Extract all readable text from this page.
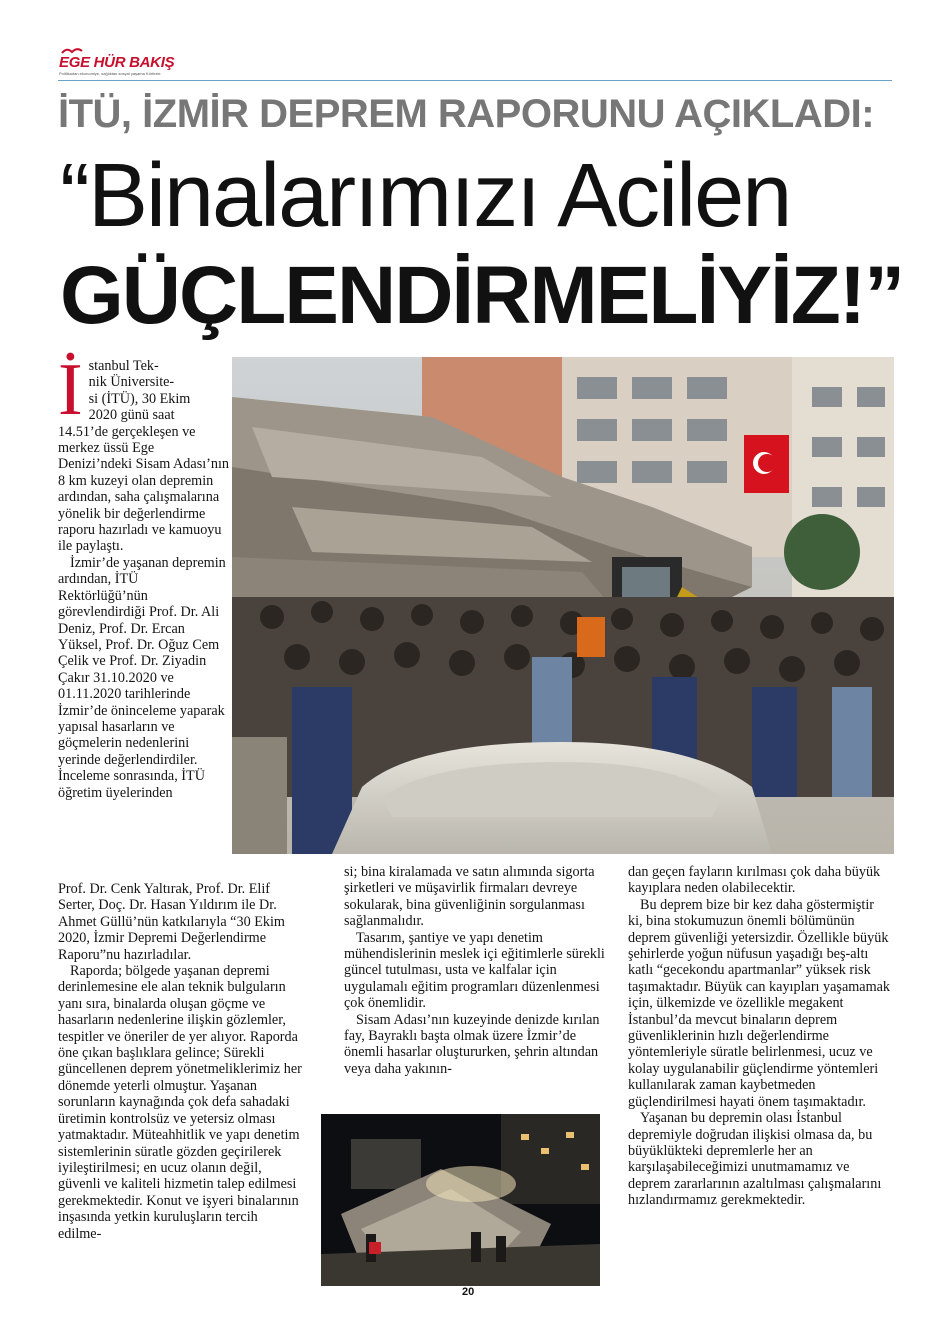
EGE HÜR BAKIŞ
Politikadan ekonomiye, sağlıktan sosyal yaşama Körfezle
İTÜ, İZMİR DEPREM RAPORUNU AÇIKLADI:
“Binalarımızı Acilen
GÜÇLENDİRMELİYİZ!”
İ stanbul Tek-
nik Üniversite-
si (İTÜ), 30 Ekim
2020 günü saat

14.51’de gerçekleşen ve merkez üssü Ege Denizi’ndeki Sisam Adası’nın 8 km kuzeyi olan depremin ardından, saha çalışmalarına yönelik bir değerlendirme raporu hazırladı ve kamuoyu ile paylaştı.

İzmir’de yaşanan depremin ardından, İTÜ Rektörlüğü’nün görevlendirdiği Prof. Dr. Ali Deniz, Prof. Dr. Ercan Yüksel, Prof. Dr. Oğuz Cem Çelik ve Prof. Dr. Ziyadin Çakır 31.10.2020 ve 01.11.2020 tarihlerinde İzmir’de öninceleme yaparak yapısal hasarların ve göçmelerin nedenlerini yerinde değerlendirdiler. İnceleme sonrasında, İTÜ öğretim üyelerinden

Prof. Dr. Cenk Yaltırak, Prof. Dr. Elif Serter, Doç. Dr. Hasan Yıldırım ile Dr. Ahmet Güllü’nün katkılarıyla “30 Ekim 2020, İzmir Depremi Değerlendirme Raporu”nu hazırladılar.

Raporda; bölgede yaşanan depremi derinlemesine ele alan teknik bulguların yanı sıra, binalarda oluşan göçme ve hasarların nedenlerine ilişkin gözlemler, tespitler ve öneriler de yer alıyor. Raporda öne çıkan başlıklara gelince; Sürekli güncellenen deprem yönetmeliklerimiz her dönemde yeterli olmuştur. Yaşanan sorunların kaynağında çok defa sahadaki üretimin kontrolsüz ve yetersiz olması yatmaktadır. Müteahhitlik ve yapı denetim sistemlerinin süratle gözden geçirilerek iyileştirilmesi; en ucuz olanın değil, güvenli ve kaliteli hizmetin talep edilmesi gerekmektedir. Konut ve işyeri binalarının inşasında yetkin kuruluşların tercih edilme-

si; bina kiralamada ve satın alımında sigorta şirketleri ve müşavirlik firmaları devreye sokularak, bina güvenliğinin sorgulanması sağlanmalıdır.

Tasarım, şantiye ve yapı denetim mühendislerinin meslek içi eğitimlerle sürekli güncel tutulması, usta ve kalfalar için uygulamalı eğitim programları düzenlenmesi çok önemlidir.

Sisam Adası’nın kuzeyinde denizde kırılan fay, Bayraklı başta olmak üzere İzmir’de önemli hasarlar oluştururken, şehrin altından veya daha yakının-

dan geçen fayların kırılması çok daha büyük kayıplara neden olabilecektir.

Bu deprem bize bir kez daha göstermiştir ki, bina stokumuzun önemli bölümünün deprem güvenliği yetersizdir. Özellikle büyük şehirlerde yoğun nüfusun yaşadığı beş-altı katlı “gecekondu apartmanlar” yüksek risk taşımaktadır. Büyük can kayıpları yaşamamak için, ülkemizde ve özellikle megakent İstanbul’da mevcut binaların deprem güvenliklerinin hızlı değerlendirme yöntemleriyle süratle belirlenmesi, ucuz ve kolay uygulanabilir güçlendirme yöntemleri kullanılarak zaman kaybetmeden güçlendirilmesi hayati önem taşımaktadır.

Yaşanan bu depremin olası İstanbul depremiyle doğrudan ilişkisi olmasa da, bu büyüklükteki depremlerle her an karşılaşabileceğimizi unutmamamız ve deprem zararlarının azaltılması çalışmalarını hızlandırmamız gerekmektedir.

20
